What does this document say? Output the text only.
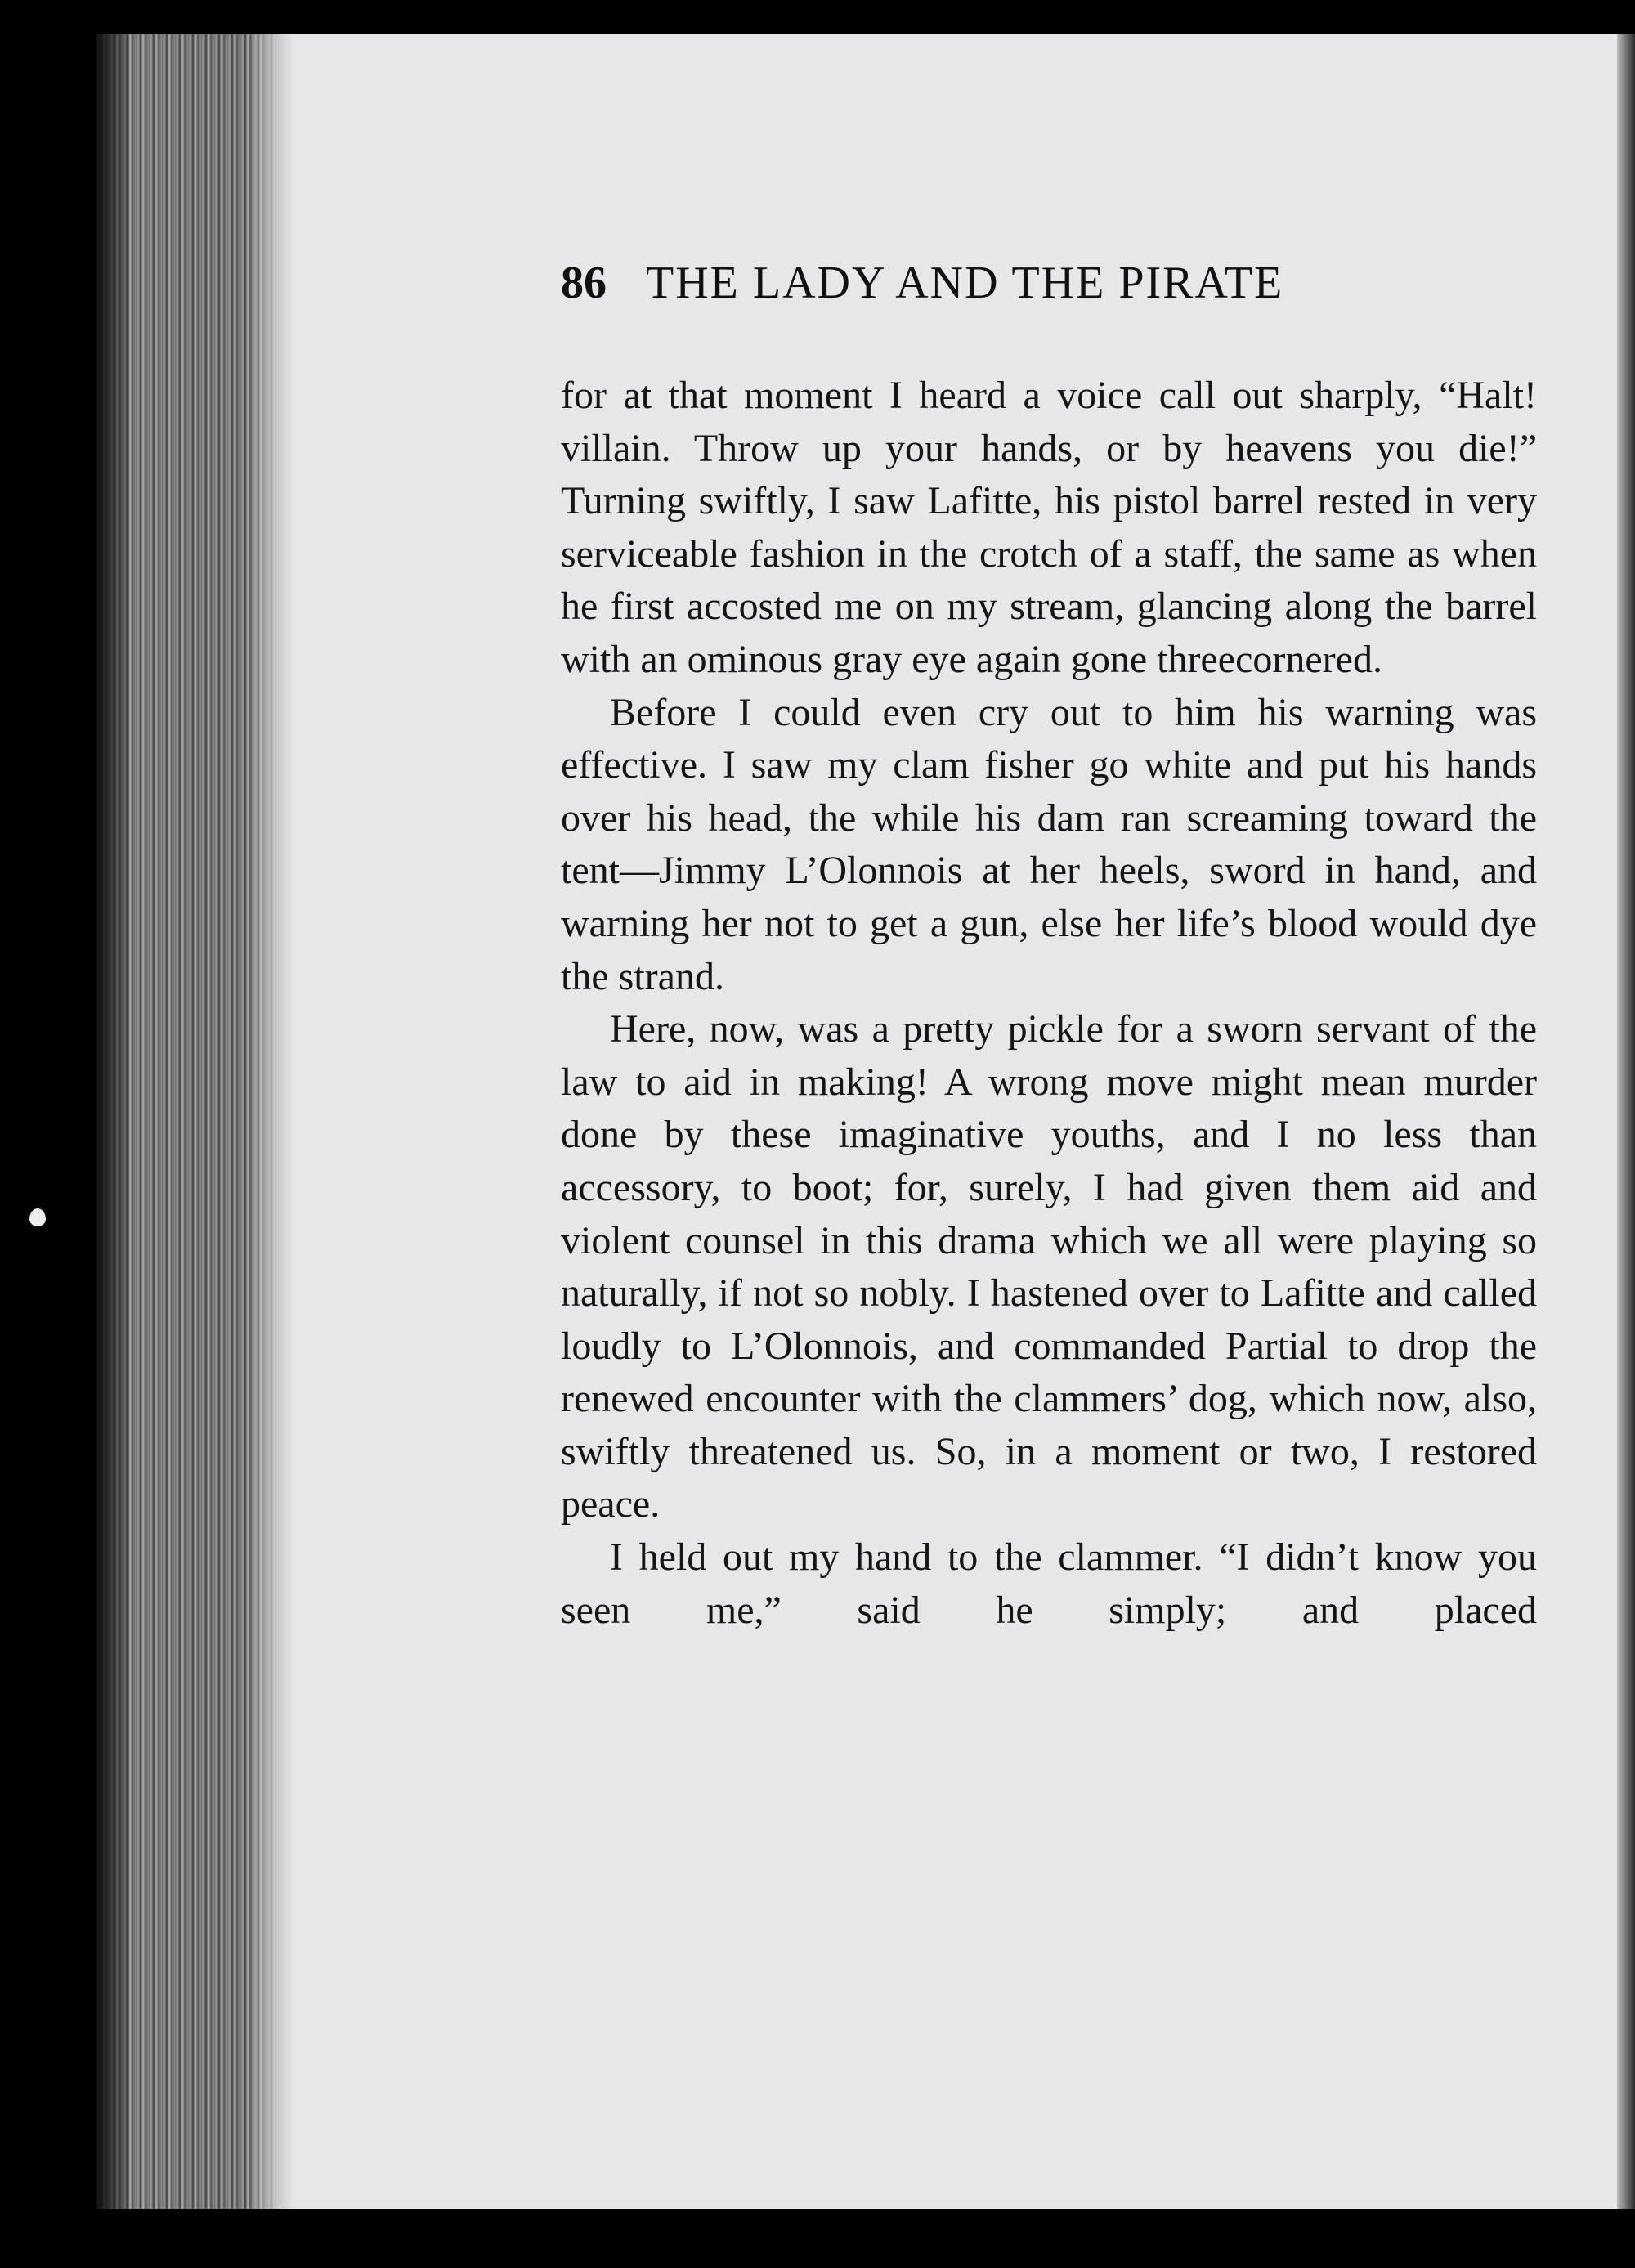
86 THE LADY AND THE PIRATE

for at that moment I heard a voice call out sharply, “Halt! villain. Throw up your hands, or by heavens you die!” Turning swiftly, I saw Lafitte, his pistol barrel rested in very serviceable fashion in the crotch of a staff, the same as when he first accosted me on my stream, glancing along the barrel with an ominous gray eye again gone threecornered.

Before I could even cry out to him his warning was effective. I saw my clam fisher go white and put his hands over his head, the while his dam ran screaming toward the tent—Jimmy L’Olonnois at her heels, sword in hand, and warning her not to get a gun, else her life’s blood would dye the strand.

Here, now, was a pretty pickle for a sworn servant of the law to aid in making! A wrong move might mean murder done by these imaginative youths, and I no less than accessory, to boot; for, surely, I had given them aid and violent counsel in this drama which we all were playing so naturally, if not so nobly. I hastened over to Lafitte and called loudly to L’Olonnois, and commanded Partial to drop the renewed encounter with the clammers’ dog, which now, also, swiftly threatened us. So, in a moment or two, I restored peace.

I held out my hand to the clammer. “I didn’t know you seen me,” said he simply; and placed
